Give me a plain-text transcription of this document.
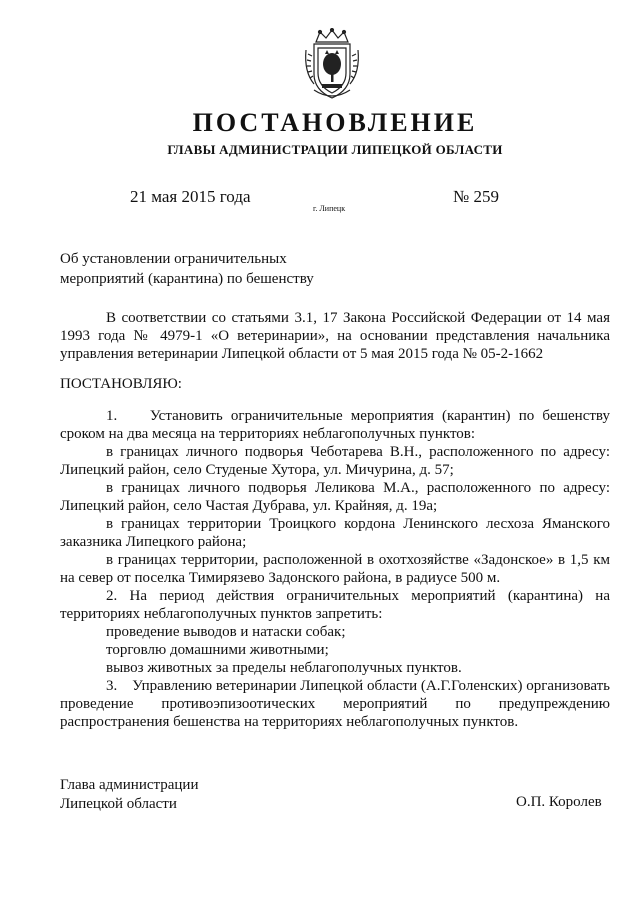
ПОСТАНОВЛЕНИЕ
ГЛАВЫ АДМИНИСТРАЦИИ ЛИПЕЦКОЙ ОБЛАСТИ
21 мая 2015 года
г. Липецк
№ 259
Об установлении ограничительных
мероприятий (карантина) по бешенству

В соответствии со статьями 3.1, 17 Закона Российской Федерации от 14 мая 1993 года № 4979-1 «О ветеринарии», на основании представления начальника управления ветеринарии Липецкой области от 5 мая 2015 года № 05-2-1662

ПОСТАНОВЛЯЮ:

1.    Установить ограничительные мероприятия (карантин) по бешенству сроком на два месяца на территориях неблагополучных пунктов:

в границах личного подворья Чеботарева В.Н., расположенного по адресу: Липецкий район, село Студеные Хутора, ул. Мичурина, д. 57;

в границах личного подворья Леликова М.А., расположенного по адресу: Липецкий район, село Частая Дубрава, ул. Крайняя, д. 19а;

в границах территории Троицкого кордона Ленинского лесхоза Яманского заказника Липецкого района;

в границах территории, расположенной в охотхозяйстве «Задонское» в 1,5 км на север от поселка Тимирязево Задонского района, в радиусе 500 м.

2. На период действия ограничительных мероприятий (карантина) на территориях неблагополучных пунктов запретить:

проведение выводов и натаски собак;

торговлю домашними животными;

вывоз животных за пределы неблагополучных пунктов.

3.    Управлению ветеринарии Липецкой области (А.Г.Голенских) организовать проведение противоэпизоотических мероприятий по предупреждению распространения бешенства на территориях неблагополучных пунктов.

Глава администрации
Липецкой области	О.П. Королев
